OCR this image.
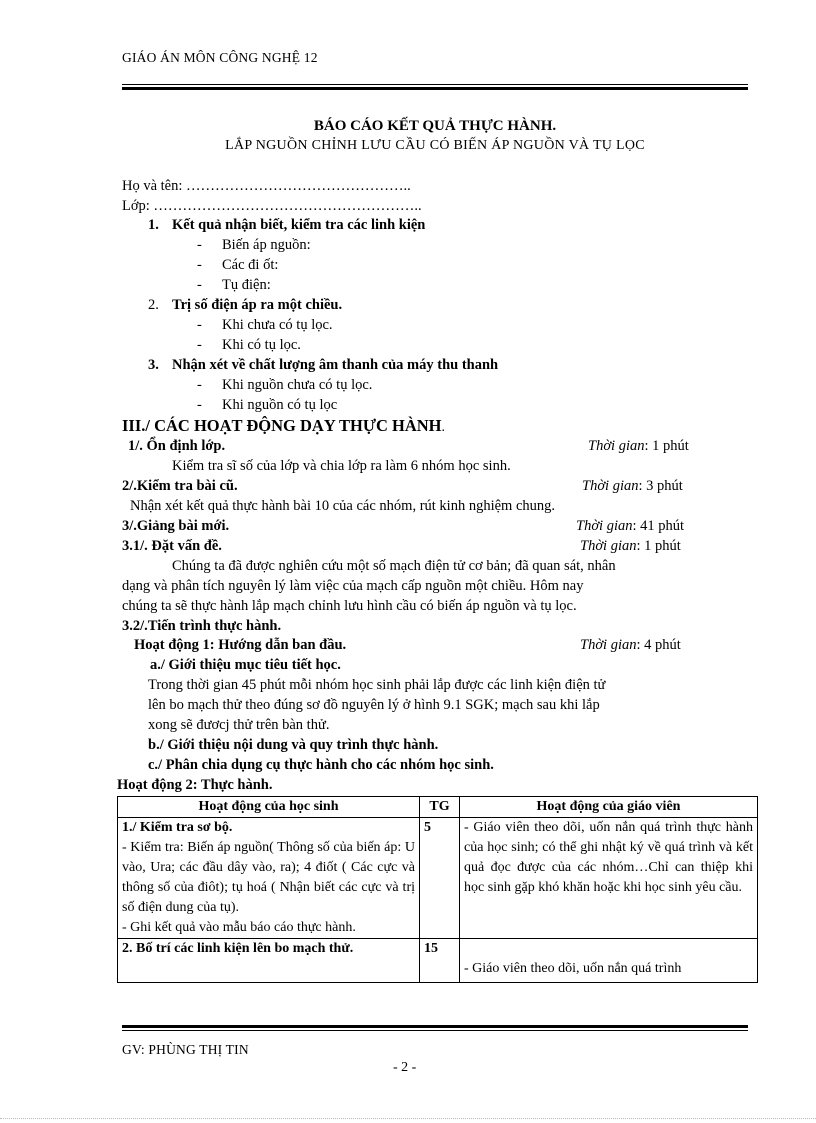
GIÁO ÁN MÔN CÔNG NGHỆ 12
BÁO CÁO KẾT QUẢ THỰC HÀNH.
LẮP NGUỒN CHỈNH LƯU CẦU CÓ BIẾN ÁP NGUỒN VÀ TỤ LỌC
Họ và tên: ………………………………………..
Lớp: ………………………………………………..
1. Kết quả nhận biết, kiểm tra các linh kiện
- Biến áp nguồn:
- Các đi ốt:
- Tụ điện:
2. Trị số điện áp ra một chiều.
- Khi chưa có tụ lọc.
- Khi có tụ lọc.
3. Nhận xét về chất lượng âm thanh của máy thu thanh
- Khi nguồn chưa có tụ lọc.
- Khi nguồn có tụ lọc
III./ CÁC HOẠT ĐỘNG DẠY THỰC HÀNH.
1/. Ổn định lớp.	Thời gian: 1 phút
Kiểm tra sĩ số của lớp và chia lớp ra làm 6 nhóm học sinh.
2/.Kiểm tra bài cũ.	Thời gian: 3 phút
Nhận xét kết quả thực hành bài 10 của các nhóm, rút kinh nghiệm chung.
3/.Giảng bài mới.	Thời gian: 41 phút
3.1/. Đặt vấn đề.	Thời gian: 1 phút
Chúng ta đã được nghiên cứu một số mạch điện tử cơ bản; đã quan sát, nhân
dạng và phân tích nguyên lý làm việc của mạch cấp nguồn một chiều. Hôm nay
chúng ta sẽ thực hành lắp mạch chỉnh lưu hình cầu có biến áp nguồn và tụ lọc.
3.2/.Tiến trình thực hành.
Hoạt động 1: Hướng dẫn ban đầu.	Thời gian: 4 phút
a./ Giới thiệu mục tiêu tiết học.
Trong thời gian 45 phút mỗi nhóm học sinh phải lắp được các linh kiện điện tử
lên bo mạch thử theo đúng sơ đồ nguyên lý ở hình 9.1 SGK; mạch sau khi lắp
xong sẽ đươcj thử trên bàn thử.
b./ Giới thiệu nội dung và quy trình thực hành.
c./ Phân chia dụng cụ thực hành cho các nhóm học sinh.
Hoạt động 2: Thực hành.
Hoạt động của học sinh	TG	Hoạt động của giáo viên

1./ Kiểm tra sơ bộ.
- Kiểm tra: Biến áp nguồn( Thông số của biến áp: U vào, Ura; các đầu dây vào, ra); 4 điốt ( Các cực và thông số của điôt); tụ hoá ( Nhận biết các cực và trị số điện dung của tụ).
- Ghi kết quả vào mẫu báo cáo thực hành.	5	- Giáo viên theo dõi, uốn nắn quá trình thực hành của học sinh; có thể ghi nhật ký về quá trình và kết quả đọc được của các nhóm…Chỉ can thiệp khi học sinh gặp khó khăn hoặc khi học sinh yêu cầu.
2. Bố trí các linh kiện lên bo mạch thử.	15	- Giáo viên theo dõi, uốn nắn quá trình
GV: PHÙNG THỊ TIN
- 2 -
